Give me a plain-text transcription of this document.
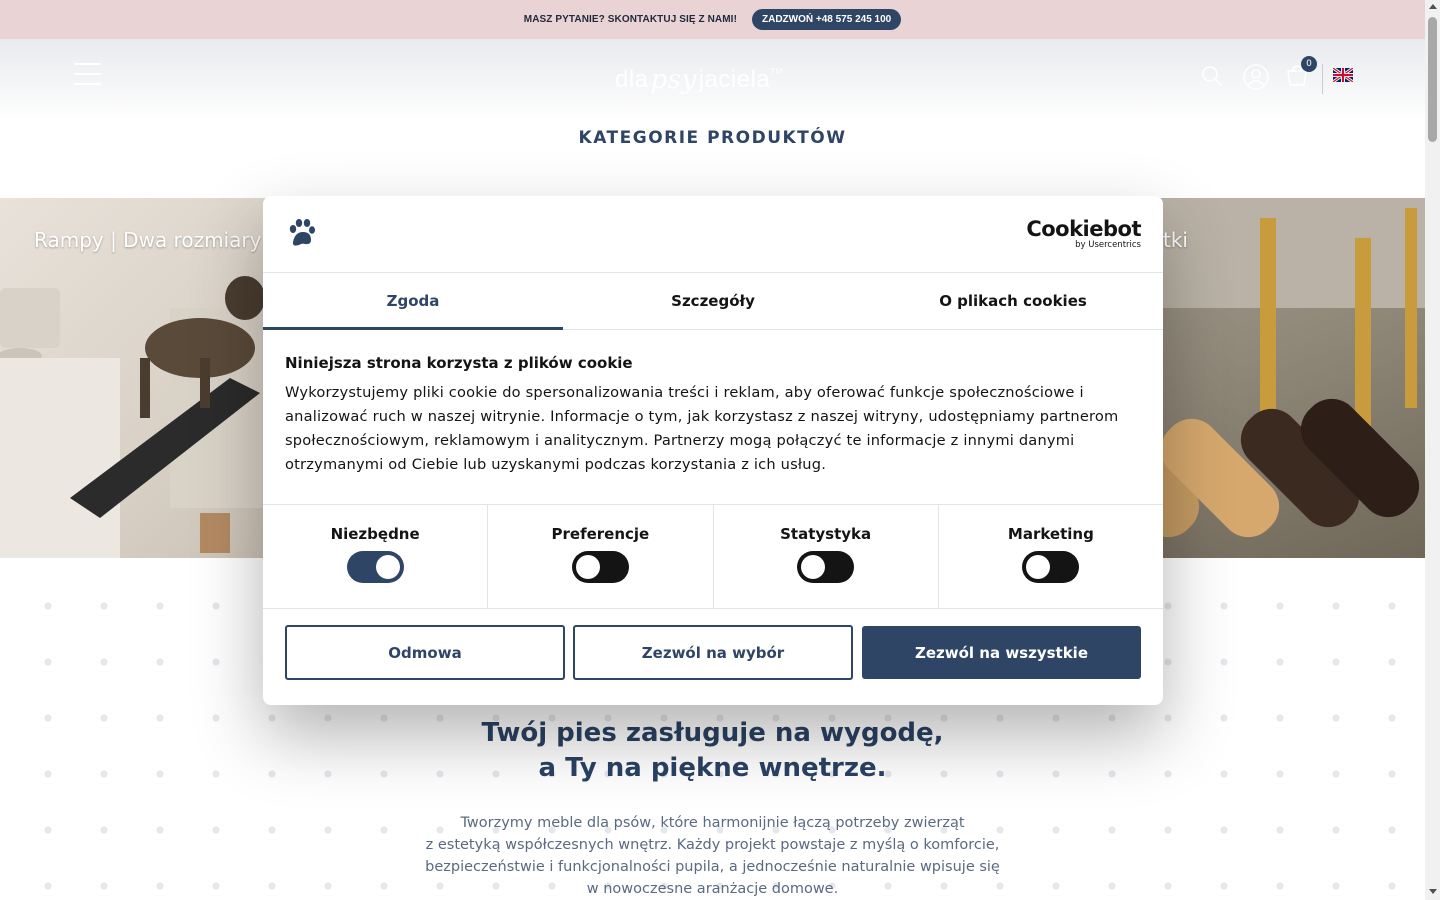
MASZ PYTANIE? SKONTAKTUJ SIĘ Z NAMI!	ZADZWOŃ +48 575 245 100
dla psy jaciela TM
0
KATEGORIE PRODUKTÓW
Rampy | Dwa rozmiary	tki
Twój pies zasługuje na wygodę,
a Ty na piękne wnętrze.
Tworzymy meble dla psów, które harmonijnie łączą potrzeby zwierząt
z estetyką współczesnych wnętrz. Każdy projekt powstaje z myślą o komforcie,
bezpieczeństwie i funkcjonalności pupila, a jednocześnie naturalnie wpisuje się
w nowoczesne aranżacje domowe.
Cookiebot
by Usercentrics
Zgoda	Szczegóły	O plikach cookies
Niniejsza strona korzysta z plików cookie
Wykorzystujemy pliki cookie do spersonalizowania treści i reklam, aby oferować funkcje społecznościowe i analizować ruch w naszej witrynie. Informacje o tym, jak korzystasz z naszej witryny, udostępniamy partnerom społecznościowym, reklamowym i analitycznym. Partnerzy mogą połączyć te informacje z innymi danymi otrzymanymi od Ciebie lub uzyskanymi podczas korzystania z ich usług.
Niezbędne	Preferencje	Statystyka	Marketing
Odmowa	Zezwól na wybór	Zezwól na wszystkie
